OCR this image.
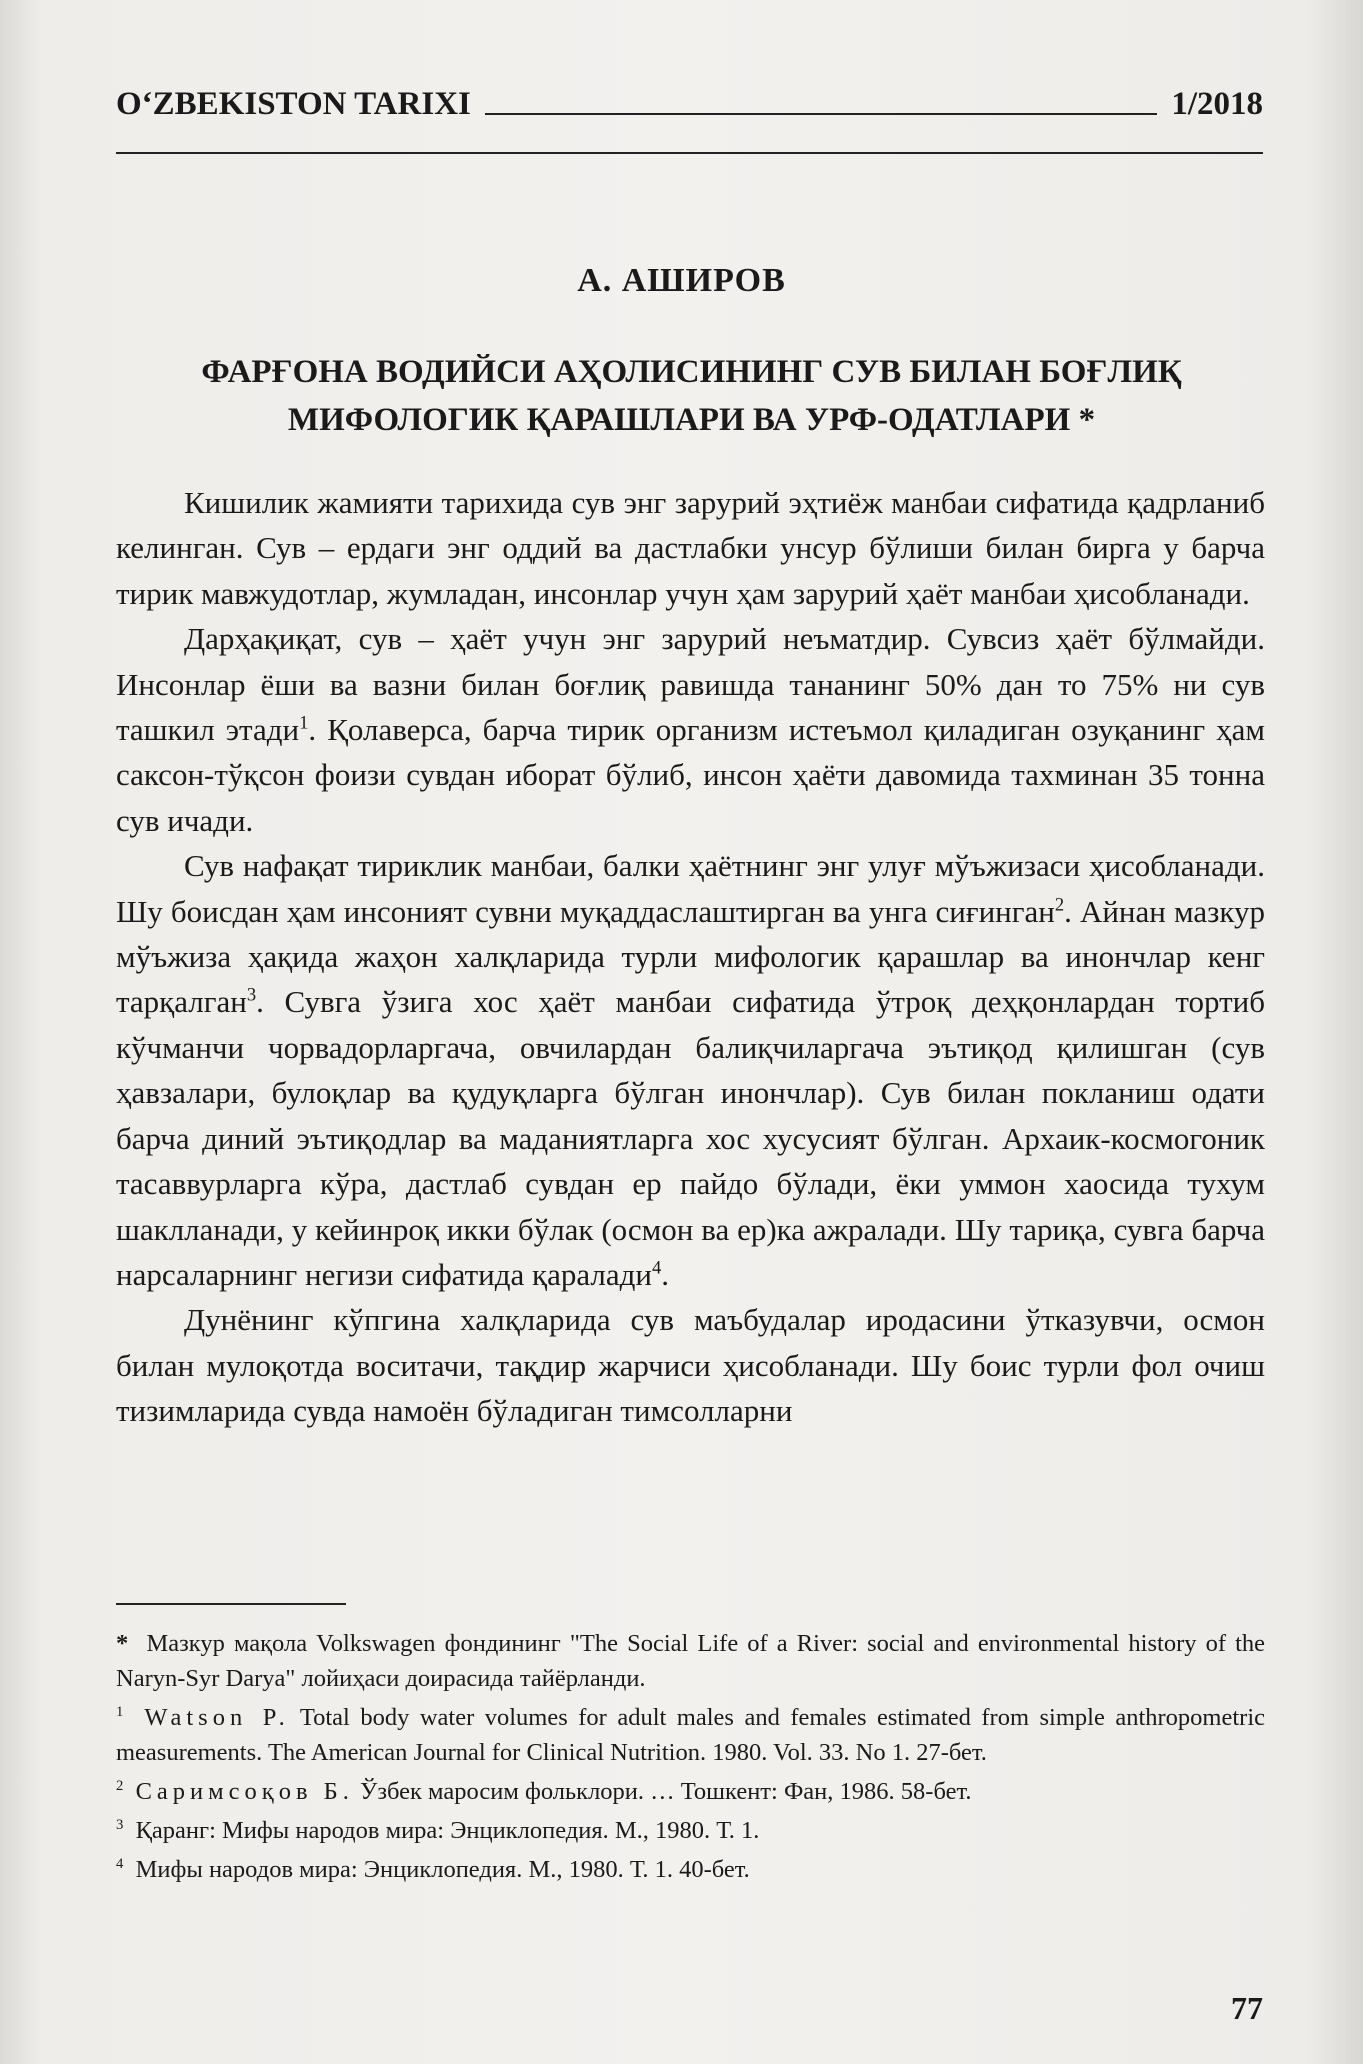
O‘ZBEKISTON TARIXI	1/2018
А. АШИРОВ
ФАРҒОНА ВОДИЙСИ АҲОЛИСИНИНГ СУВ БИЛАН БОҒЛИҚ
МИФОЛОГИК ҚАРАШЛАРИ ВА УРФ-ОДАТЛАРИ *

Кишилик жамияти тарихида сув энг зарурий эҳтиёж манбаи сифатида қадрланиб келинган. Сув – ердаги энг оддий ва дастлабки унсур бўлиши билан бирга у барча тирик мавжудотлар, жумладан, инсонлар учун ҳам зарурий ҳаёт манбаи ҳисобланади.

Дарҳақиқат, сув – ҳаёт учун энг зарурий неъматдир. Сувсиз ҳаёт бўлмайди. Инсонлар ёши ва вазни билан боғлиқ равишда тананинг 50% дан то 75% ни сув ташкил этади$^1$. Қолаверса, барча тирик организм истеъмол қиладиган озуқанинг ҳам саксон-тўқсон фоизи сувдан иборат бўлиб, инсон ҳаёти давомида тахминан 35 тонна сув ичади.

Сув нафақат тириклик манбаи, балки ҳаётнинг энг улуғ мўъжизаси ҳисобланади. Шу боисдан ҳам инсоният сувни муқаддаслаштирган ва унга сиғинган$^2$. Айнан мазкур мўъжиза ҳақида жаҳон халқларида турли мифологик қарашлар ва инончлар кенг тарқалган$^3$. Сувга ўзига хос ҳаёт манбаи сифатида ўтроқ деҳқонлардан тортиб кўчманчи чорвадорларгача, овчилардан балиқчиларгача эътиқод қилишган (сув ҳавзалари, булоқлар ва қудуқларга бўлган инончлар). Сув билан покланиш одати барча диний эътиқодлар ва маданиятларга хос хусусият бўлган. Архаик-космогоник тасаввурларга кўра, дастлаб сувдан ер пайдо бўлади, ёки уммон хаосида тухум шаклланади, у кейинроқ икки бўлак (осмон ва ер)ка ажралади. Шу тариқа, сувга барча нарсаларнинг негизи сифатида қаралади$^4$.

Дунёнинг кўпгина халқларида сув маъбудалар иродасини ўтказувчи, осмон билан мулоқотда воситачи, тақдир жарчиси ҳисобланади. Шу боис турли фол очиш тизимларида сувда намоён бўладиган тимсолларни

* Мазкур мақола Volkswagen фондининг "The Social Life of a River: social and environmental history of the Naryn-Syr Darya" лойиҳаси доирасида тайёрланди.

$^1$ Watson P. Total body water volumes for adult males and females estimated from simple anthropometric measurements. The American Journal for Clinical Nutrition. 1980. Vol. 33. No 1. 27-бет.

$^2$ Саримсоқов Б. Ўзбек маросим фольклори. … Тошкент: Фан, 1986. 58-бет.

$^3$ Қаранг: Мифы народов мира: Энциклопедия. М., 1980. Т. 1.

$^4$ Мифы народов мира: Энциклопедия. М., 1980. Т. 1. 40-бет.

77
